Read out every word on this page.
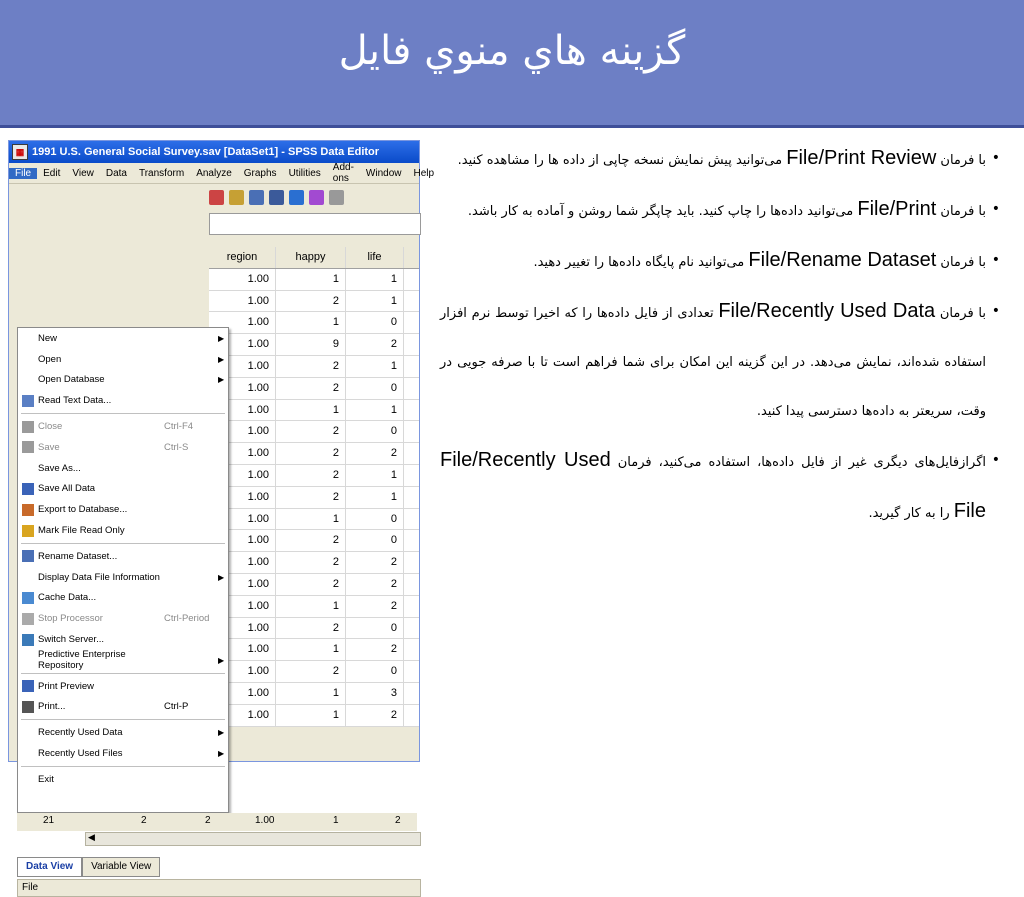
گزينه هاي منوي فايل
▦ 1991 U.S. General Social Survey.sav [DataSet1] - SPSS Data Editor
File	Edit	View	Data	Transform	Analyze	Graphs	Utilities	Add-ons	Window	Help
region	happy	life
1.00	1	1
1.00	2	1
1.00	1	0
1.00	9	2
1.00	2	1
1.00	2	0
1.00	1	1
1.00	2	0
1.00	2	2
1.00	2	1
1.00	2	1
1.00	1	0
1.00	2	0
1.00	2	2
1.00	2	2
1.00	1	2
1.00	2	0
1.00	1	2
1.00	2	0
1.00	1	3
1.00	1	2
New	▶
Open	▶
Open Database	▶
Read Text Data...
Close	Ctrl-F4
Save	Ctrl-S
Save As...
Save All Data
Export to Database...
Mark File Read Only
Rename Dataset...
Display Data File Information	▶
Cache Data...
Stop Processor	Ctrl-Period
Switch Server...
Predictive Enterprise Repository
▶
Print Preview
Print...	Ctrl-P
Recently Used Data	▶
Recently Used Files	▶
Exit
21	2	2	1.00	1	2
◀
Data View	Variable View
File
• با فرمان File/Print Review می‌توانید پیش نمایش نسخه چاپی از داده ها را مشاهده کنید.
• با فرمان File/Print می‌توانید داده‌ها را چاپ کنید. باید چاپگر شما روشن و آماده به کار باشد.
• با فرمان File/Rename Dataset می‌توانید نام پایگاه داده‌ها را تغییر دهید.
• با فرمان File/Recently Used Data تعدادی از فایل داده‌ها را که اخیرا توسط نرم افزار استفاده شده‌اند، نمایش می‌دهد. در این گزینه این امکان برای شما فراهم است تا با صرفه جویی در وقت، سریعتر به داده‌ها دسترسی پیدا کنید.
• اگرازفایل‌های دیگری غیر از فایل داده‌ها، استفاده می‌کنید، فرمان File/Recently Used File را به کار گیرید.
